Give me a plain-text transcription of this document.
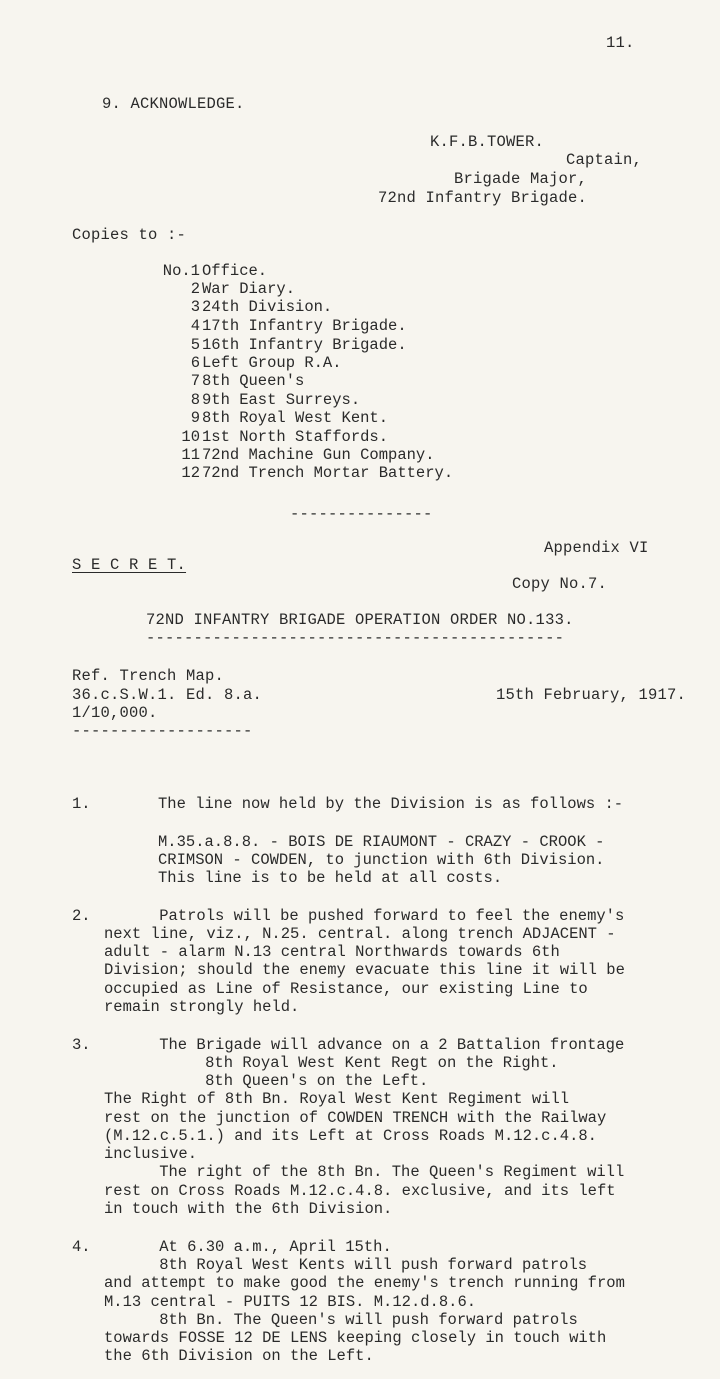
11.
9. ACKNOWLEDGE.
K.F.B.TOWER.
Captain,
Brigade Major,
72nd Infantry Brigade.
Copies to :-
No.1 Office.
2 War Diary.
3 24th Division.
4 17th Infantry Brigade.
5 16th Infantry Brigade.
6 Left Group R.A.
7 8th Queen's
8 9th East Surreys.
9 8th Royal West Kent.
10 1st North Staffords.
11 72nd Machine Gun Company.
12 72nd Trench Mortar Battery.
---------------
Appendix VI
S E C R E T.
Copy No.7.
72ND INFANTRY BRIGADE OPERATION ORDER NO.133.
--------------------------------------------
Ref. Trench Map.
36.c.S.W.1. Ed. 8.a.
1/10,000.
-------------------
15th February, 1917.
1.	The line now held by the Division is as follows :-
M.35.a.8.8. - BOIS DE RIAUMONT - CRAZY - CROOK -
CRIMSON - COWDEN, to junction with 6th Division.
This line is to be held at all costs.
2. Patrols will be pushed forward to feel the enemy's
next line, viz., N.25. central. along trench ADJACENT -
adult - alarm N.13 central Northwards towards 6th
Division; should the enemy evacuate this line it will be
occupied as Line of Resistance, our existing Line to
remain strongly held.
3. The Brigade will advance on a 2 Battalion frontage
8th Royal West Kent Regt on the Right.
8th Queen's on the Left.
The Right of 8th Bn. Royal West Kent Regiment will
rest on the junction of COWDEN TRENCH with the Railway
(M.12.c.5.1.) and its Left at Cross Roads M.12.c.4.8.
inclusive.
The right of the 8th Bn. The Queen's Regiment will
rest on Cross Roads M.12.c.4.8. exclusive, and its left
in touch with the 6th Division.
4. At 6.30 a.m., April 15th.
8th Royal West Kents will push forward patrols
and attempt to make good the enemy's trench running from
M.13 central - PUITS 12 BIS. M.12.d.8.6.
8th Bn. The Queen's will push forward patrols
towards FOSSE 12 DE LENS keeping closely in touch with
the 6th Division on the Left.
